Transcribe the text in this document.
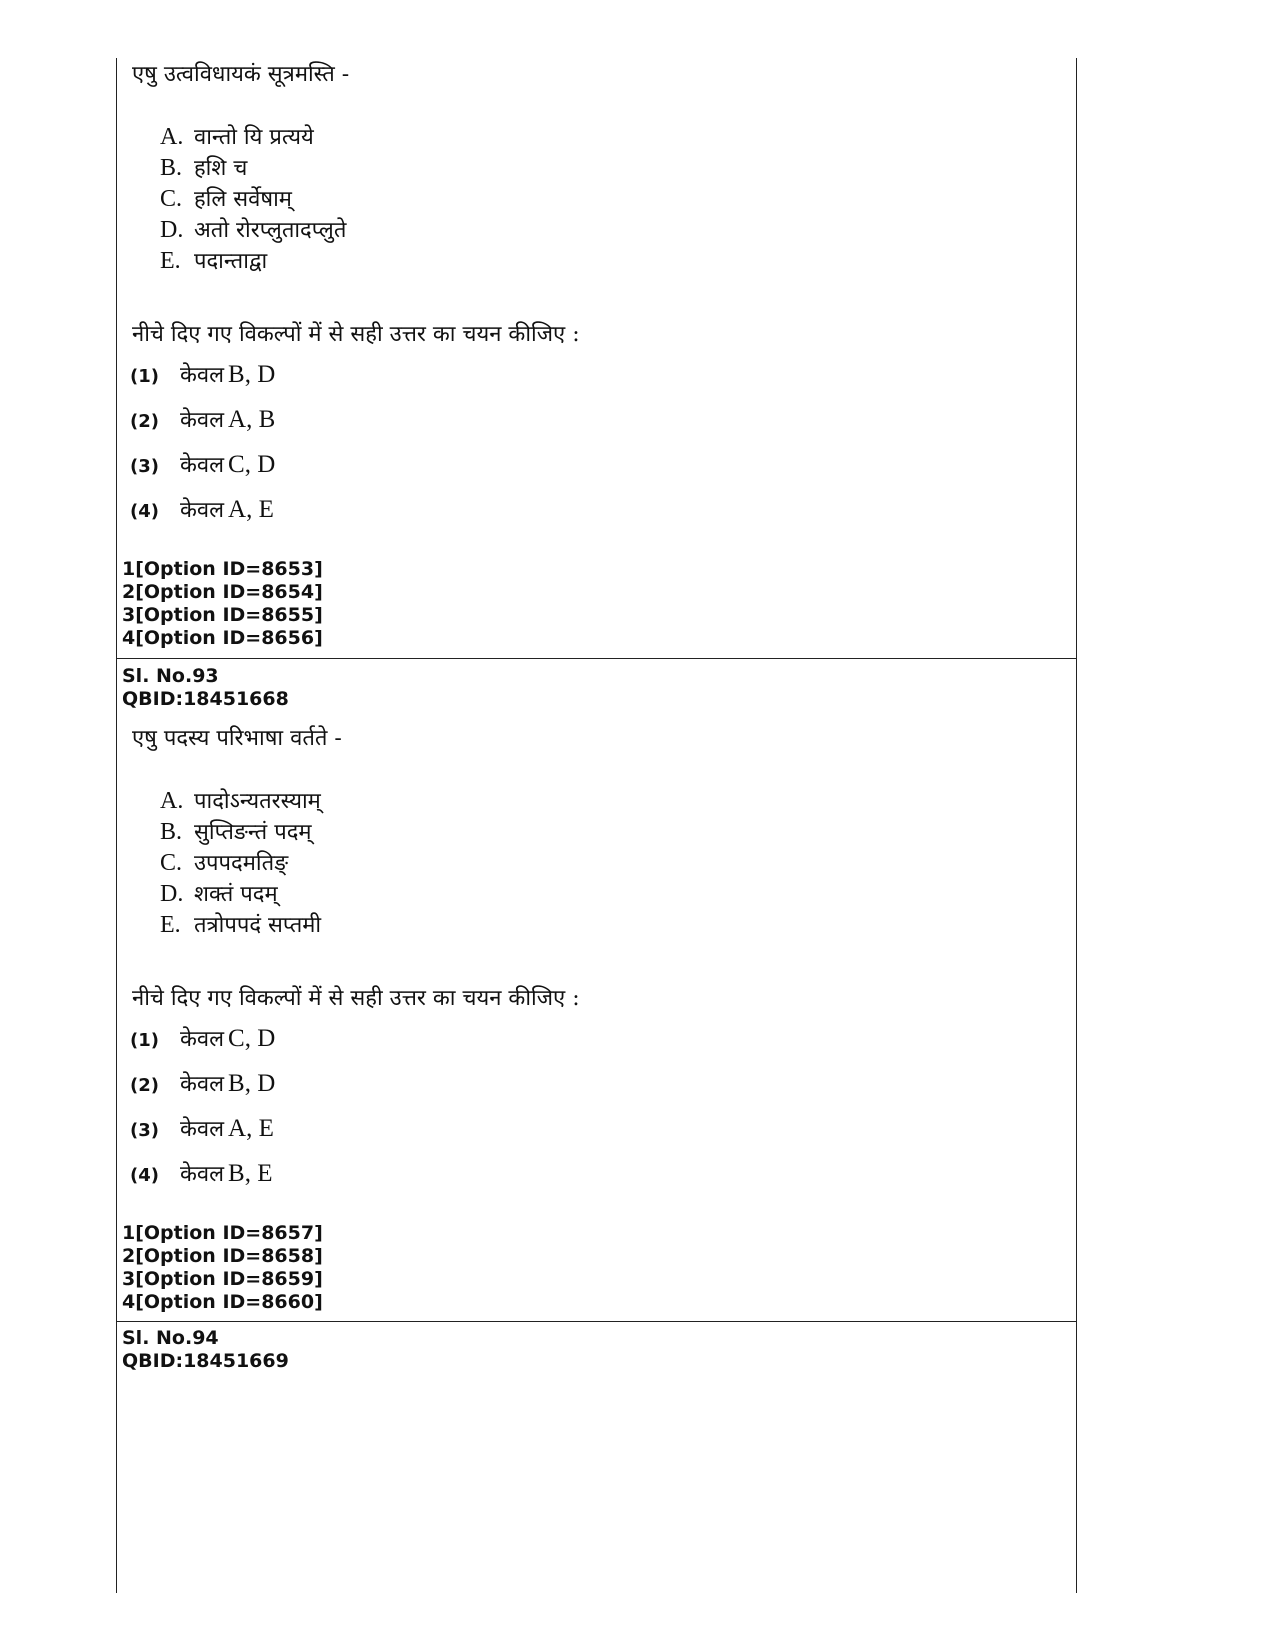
एषु उत्वविधायकं सूत्रमस्ति -
A. वान्तो यि प्रत्यये
B. हशि च
C. हलि सर्वेषाम्
D. अतो रोरप्लुतादप्लुते
E. पदान्ताद्वा
नीचे दिए गए विकल्पों में से सही उत्तर का चयन कीजिए :
(1) केवल B, D
(2) केवल A, B
(3) केवल C, D
(4) केवल A, E
1[Option ID=8653]
2[Option ID=8654]
3[Option ID=8655]
4[Option ID=8656]
Sl. No.93
QBID:18451668
एषु पदस्य परिभाषा वर्तते -
A. पादोऽन्यतरस्याम्
B. सुप्तिङन्तं पदम्
C. उपपदमतिङ्
D. शक्तं पदम्
E. तत्रोपपदं सप्तमी
नीचे दिए गए विकल्पों में से सही उत्तर का चयन कीजिए :
(1) केवल C, D
(2) केवल B, D
(3) केवल A, E
(4) केवल B, E
1[Option ID=8657]
2[Option ID=8658]
3[Option ID=8659]
4[Option ID=8660]
Sl. No.94
QBID:18451669
